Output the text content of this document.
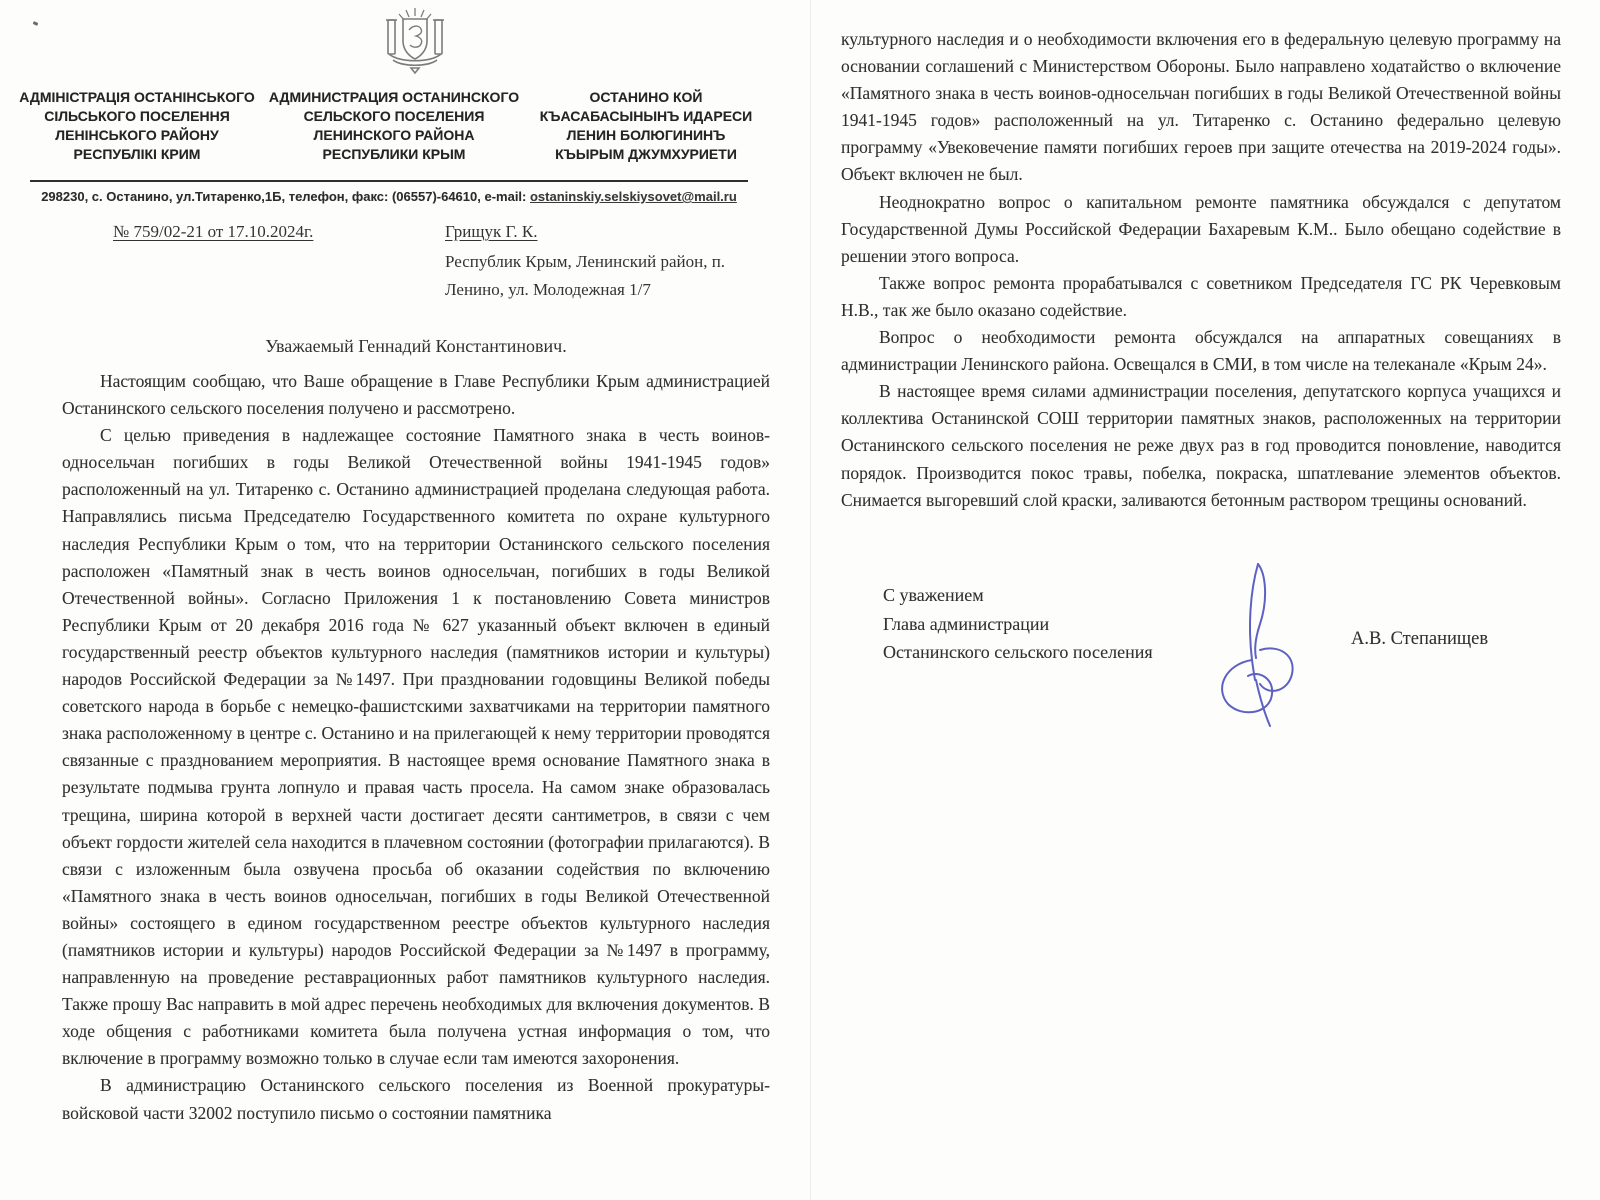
АДМІНІСТРАЦІЯ ОСТАНІНСЬКОГО
СІЛЬСЬКОГО ПОСЕЛЕННЯ
ЛЕНІНСЬКОГО РАЙОНУ
РЕСПУБЛІКІ КРИМ
АДМИНИСТРАЦИЯ ОСТАНИНСКОГО
СЕЛЬСКОГО ПОСЕЛЕНИЯ
ЛЕНИНСКОГО РАЙОНА
РЕСПУБЛИКИ КРЫМ
ОСТАНИНО КОЙ
КЪАСАБАСЫНЫНЪ ИДАРЕСИ
ЛЕНИН БОЛЮГИНИНЪ
КЪЫРЫМ ДЖУМХУРИЕТИ
298230, с. Останино, ул.Титаренко,1Б, телефон, факс: (06557)-64610, e-mail: ostaninskiy.selskiysovet@mail.ru
№ 759/02-21 от 17.10.2024г.	Грищук Г. К.
Республик Крым, Ленинский район, п.
Ленино, ул. Молодежная 1/7
Уважаемый Геннадий Константинович.

Настоящим сообщаю, что Ваше обращение в Главе Республики Крым администрацией Останинского сельского поселения получено и рассмотрено.

С целью приведения в надлежащее состояние Памятного знака в честь воинов-односельчан погибших в годы Великой Отечественной войны 1941-1945 годов» расположенный на ул. Титаренко с. Останино администрацией проделана следующая работа. Направлялись письма Председателю Государственного комитета по охране культурного наследия Республики Крым о том, что на территории Останинского сельского поселения расположен «Памятный знак в честь воинов односельчан, погибших в годы Великой Отечественной войны». Согласно Приложения 1 к постановлению Совета министров Республики Крым от 20 декабря 2016 года № 627 указанный объект включен в единый государственный реестр объектов культурного наследия (памятников истории и культуры) народов Российской Федерации за №1497. При праздновании годовщины Великой победы советского народа в борьбе с немецко-фашистскими захватчиками на территории памятного знака расположенному в центре с. Останино и на прилегающей к нему территории проводятся связанные с празднованием мероприятия. В настоящее время основание Памятного знака в результате подмыва грунта лопнуло и правая часть просела. На самом знаке образовалась трещина, ширина которой в верхней части достигает десяти сантиметров, в связи с чем объект гордости жителей села находится в плачевном состоянии (фотографии прилагаются). В связи с изложенным была озвучена просьба об оказании содействия по включению «Памятного знака в честь воинов односельчан, погибших в годы Великой Отечественной войны» состоящего в едином государственном реестре объектов культурного наследия (памятников истории и культуры) народов Российской Федерации за №1497 в программу, направленную на проведение реставрационных работ памятников культурного наследия. Также прошу Вас направить в мой адрес перечень необходимых для включения документов. В ходе общения с работниками комитета была получена устная информация о том, что включение в программу возможно только в случае если там имеются захоронения.

В администрацию Останинского сельского поселения из Военной прокуратуры- войсковой части 32002 поступило письмо о состоянии памятника

культурного наследия и о необходимости включения его в федеральную целевую программу на основании соглашений с Министерством Обороны. Было направлено ходатайство о включение «Памятного знака в честь воинов-односельчан погибших в годы Великой Отечественной войны 1941-1945 годов» расположенный на ул. Титаренко с. Останино федерально целевую программу «Увековечение памяти погибших героев при защите отечества на 2019-2024 годы». Объект включен не был.

Неоднократно вопрос о капитальном ремонте памятника обсуждался с депутатом Государственной Думы Российской Федерации Бахаревым К.М.. Было обещано содействие в решении этого вопроса.

Также вопрос ремонта прорабатывался с советником Председателя ГС РК Черевковым Н.В., так же было оказано содействие.

Вопрос о необходимости ремонта обсуждался на аппаратных совещаниях в администрации Ленинского района. Освещался в СМИ, в том числе на телеканале «Крым 24».

В настоящее время силами администрации поселения, депутатского корпуса учащихся и коллектива Останинской СОШ территории памятных знаков, расположенных на территории Останинского сельского поселения не реже двух раз в год проводится поновление, наводится порядок. Производится покос травы, побелка, покраска, шпатлевание элементов объектов. Снимается выгоревший слой краски, заливаются бетонным раствором трещины оснований.

С уважением
Глава администрации
Останинского сельского поселения
А.В. Степанищев
